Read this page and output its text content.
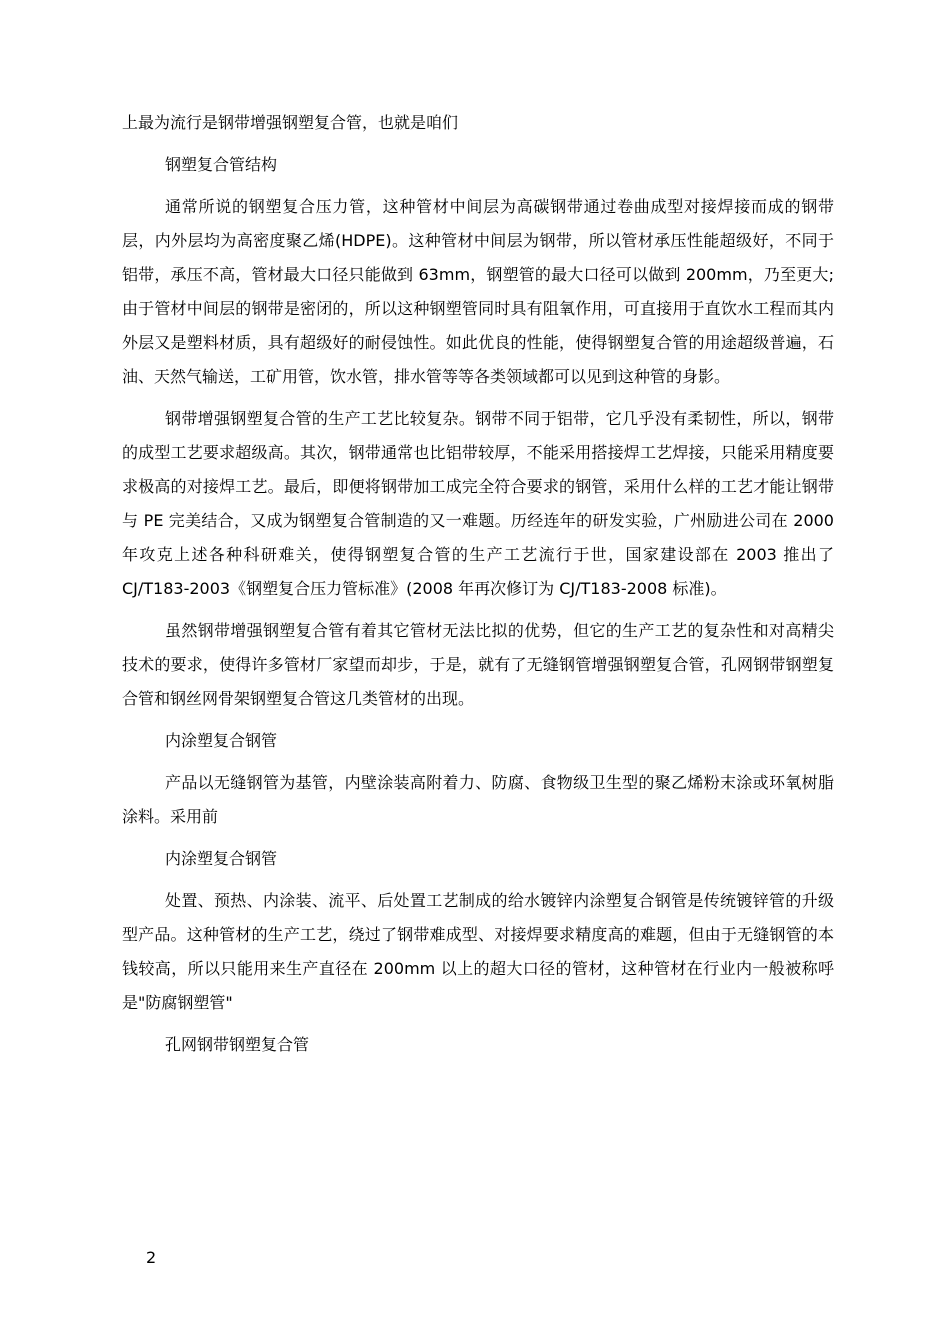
上最为流行是钢带增强钢塑复合管，也就是咱们

钢塑复合管结构

通常所说的钢塑复合压力管，这种管材中间层为高碳钢带通过卷曲成型对接焊接而成的钢带层，内外层均为高密度聚乙烯(HDPE)。这种管材中间层为钢带，所以管材承压性能超级好，不同于铝带，承压不高，管材最大口径只能做到 63mm，钢塑管的最大口径可以做到 200mm，乃至更大;由于管材中间层的钢带是密闭的，所以这种钢塑管同时具有阻氧作用，可直接用于直饮水工程而其内外层又是塑料材质，具有超级好的耐侵蚀性。如此优良的性能，使得钢塑复合管的用途超级普遍，石油、天然气输送，工矿用管，饮水管，排水管等等各类领域都可以见到这种管的身影。

钢带增强钢塑复合管的生产工艺比较复杂。钢带不同于铝带，它几乎没有柔韧性，所以，钢带的成型工艺要求超级高。其次，钢带通常也比铝带较厚，不能采用搭接焊工艺焊接，只能采用精度要求极高的对接焊工艺。最后，即便将钢带加工成完全符合要求的钢管，采用什么样的工艺才能让钢带与 PE 完美结合，又成为钢塑复合管制造的又一难题。历经连年的研发实验，广州励进公司在 2000 年攻克上述各种科研难关，使得钢塑复合管的生产工艺流行于世，国家建设部在 2003 推出了 CJ/T183-2003《钢塑复合压力管标准》(2008 年再次修订为 CJ/T183-2008 标准)。

虽然钢带增强钢塑复合管有着其它管材无法比拟的优势，但它的生产工艺的复杂性和对高精尖技术的要求，使得许多管材厂家望而却步，于是，就有了无缝钢管增强钢塑复合管，孔网钢带钢塑复合管和钢丝网骨架钢塑复合管这几类管材的出现。

内涂塑复合钢管

产品以无缝钢管为基管，内壁涂装高附着力、防腐、食物级卫生型的聚乙烯粉末涂或环氧树脂涂料。采用前

内涂塑复合钢管

处置、预热、内涂装、流平、后处置工艺制成的给水镀锌内涂塑复合钢管是传统镀锌管的升级型产品。这种管材的生产工艺，绕过了钢带难成型、对接焊要求精度高的难题，但由于无缝钢管的本钱较高，所以只能用来生产直径在 200mm 以上的超大口径的管材，这种管材在行业内一般被称呼是"防腐钢塑管"

孔网钢带钢塑复合管

2
